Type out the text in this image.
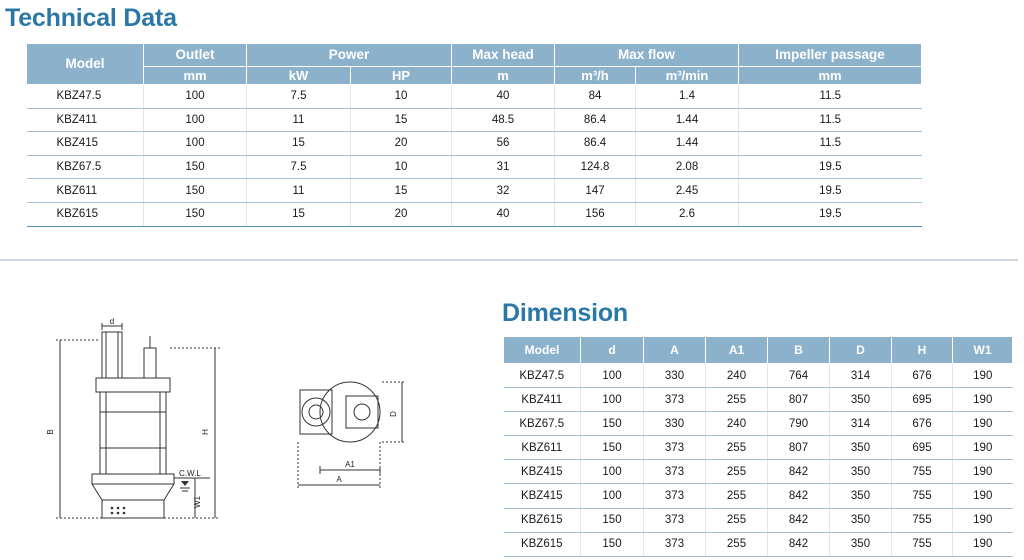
Technical Data
Model	Outlet	Power		Max head	Max flow		Impeller passage
	mm	kW	HP	m	m³/h	m³/min	mm
KBZ47.5	100	7.5	10	40	84	1.4	11.5
KBZ411	100	11	15	48.5	86.4	1.44	11.5
KBZ415	100	15	20	56	86.4	1.44	11.5
KBZ67.5	150	7.5	10	31	124.8	2.08	19.5
KBZ611	150	11	15	32	147	2.45	19.5
KBZ615	150	15	20	40	156	2.6	19.5
d
B	H
W1
C.W.L
D
A1
A
Dimension
Model	d	A	A1	B	D	H	W1
KBZ47.5	100	330	240	764	314	676	190
KBZ411	100	373	255	807	350	695	190
KBZ67.5	150	330	240	790	314	676	190
KBZ611	150	373	255	807	350	695	190
KBZ415	100	373	255	842	350	755	190
KBZ415	100	373	255	842	350	755	190
KBZ615	150	373	255	842	350	755	190
KBZ615	150	373	255	842	350	755	190
